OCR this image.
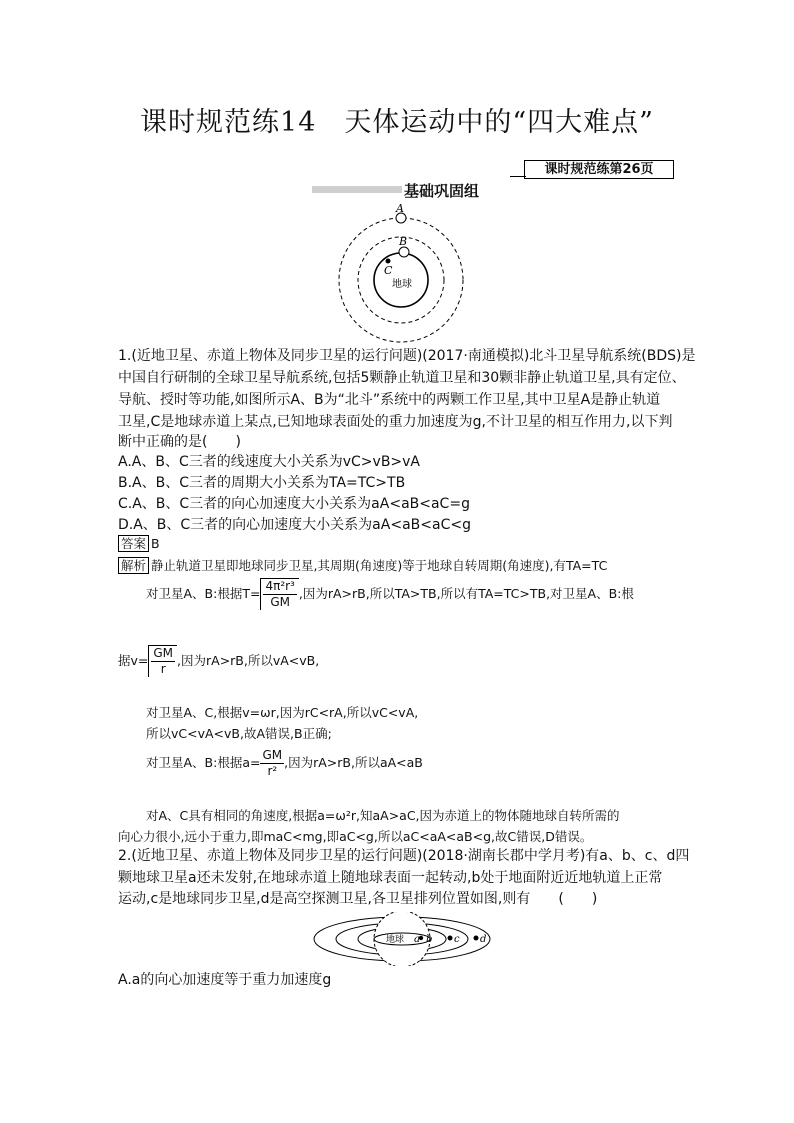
课时规范练14　天体运动中的“四大难点”
课时规范练第26页
基础巩固组
A
B
C
地球
1.(近地卫星、赤道上物体及同步卫星的运行问题)(2017·南通模拟)北斗卫星导航系统(BDS)是
中国自行研制的全球卫星导航系统,包括5颗静止轨道卫星和30颗非静止轨道卫星,具有定位、
导航、授时等功能,如图所示A、B为“北斗”系统中的两颗工作卫星,其中卫星A是静止轨道
卫星,C是地球赤道上某点,已知地球表面处的重力加速度为g,不计卫星的相互作用力,以下判
断中正确的是(　　)
A.A、B、C三者的线速度大小关系为vC>vB>vA
B.A、B、C三者的周期大小关系为TA=TC>TB
C.A、B、C三者的向心加速度大小关系为aA<aB<aC=g
D.A、B、C三者的向心加速度大小关系为aA<aB<aC<g
答案 B
解析 静止轨道卫星即地球同步卫星,其周期(角速度)等于地球自转周期(角速度),有TA=TC
对卫星A、B:根据$T= \frac{\text{4π²r³}}{GM}$ ,因为rA>rB,所以TA>TB,所以有TA=TC>TB,对卫星A、B:根
据$v= \frac{GM}{r}$ ,因为rA>rB,所以vA<vB,
对卫星A、C,根据v=ωr,因为rC<rA,所以vC<vA,
所以vC<vA<vB,故A错误,B正确;
对卫星A、B:根据$a= \frac{GM}{\text{r²}}$,因为rA>rB,所以aA<aB
对A、C具有相同的角速度,根据a=ω²r,知aA>aC,因为赤道上的物体随地球自转所需的
向心力很小,远小于重力,即maC<mg,即aC<g,所以aC<aA<aB<g,故C错误,D错误。
2.(近地卫星、赤道上物体及同步卫星的运行问题)(2018·湖南长郡中学月考)有a、b、c、d四
颗地球卫星a还未发射,在地球赤道上随地球表面一起转动,b处于地面附近近地轨道上正常
运动,c是地球同步卫星,d是高空探测卫星,各卫星排列位置如图,则有　　(　　)
地球 a b c d
A.a的向心加速度等于重力加速度g
